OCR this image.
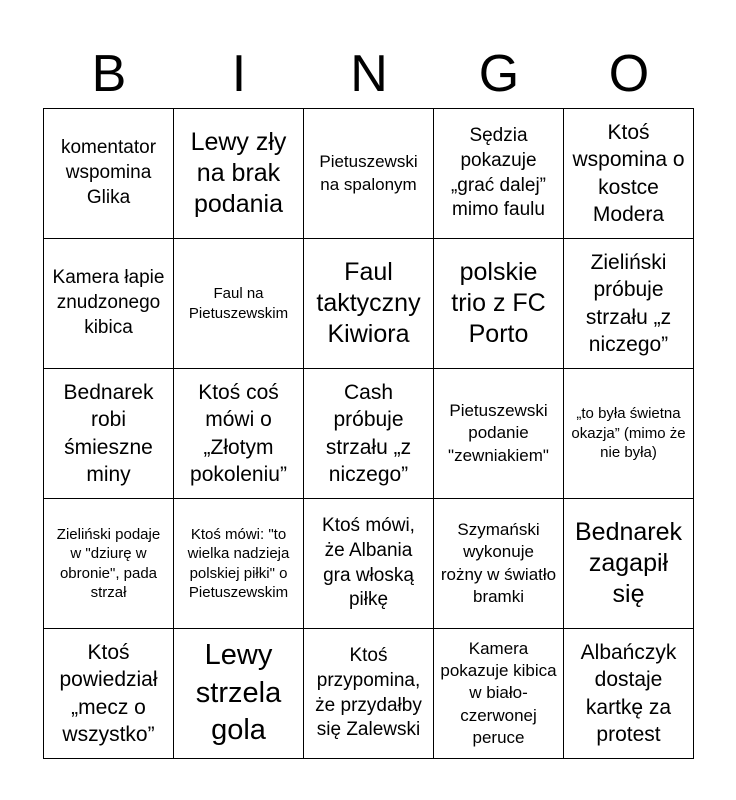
B	I	N	G	O
komentator wspomina Glika
Lewy zły na brak podania
Pietuszewski na spalonym
Sędzia pokazuje „grać dalej” mimo faulu
Ktoś wspomina o kostce Modera
Kamera łapie znudzonego kibica
Faul na Pietuszewskim
Faul taktyczny Kiwiora
polskie trio z FC Porto
Zieliński próbuje strzału „z niczego”
Bednarek robi śmieszne miny
Ktoś coś mówi o „Złotym pokoleniu”
Cash próbuje strzału „z niczego”
Pietuszewski podanie "zewniakiem"
„to była świetna okazja” (mimo że nie była)
Zieliński podaje w "dziurę w obronie", pada strzał
Ktoś mówi: "to wielka nadzieja polskiej piłki" o Pietuszewskim
Ktoś mówi, że Albania gra włoską piłkę
Szymański wykonuje rożny w światło bramki
Bednarek zagapił się
Ktoś powiedział „mecz o wszystko”
Lewy strzela gola
Ktoś przypomina, że przydałby się Zalewski
Kamera pokazuje kibica w biało-czerwonej peruce
Albańczyk dostaje kartkę za protest
